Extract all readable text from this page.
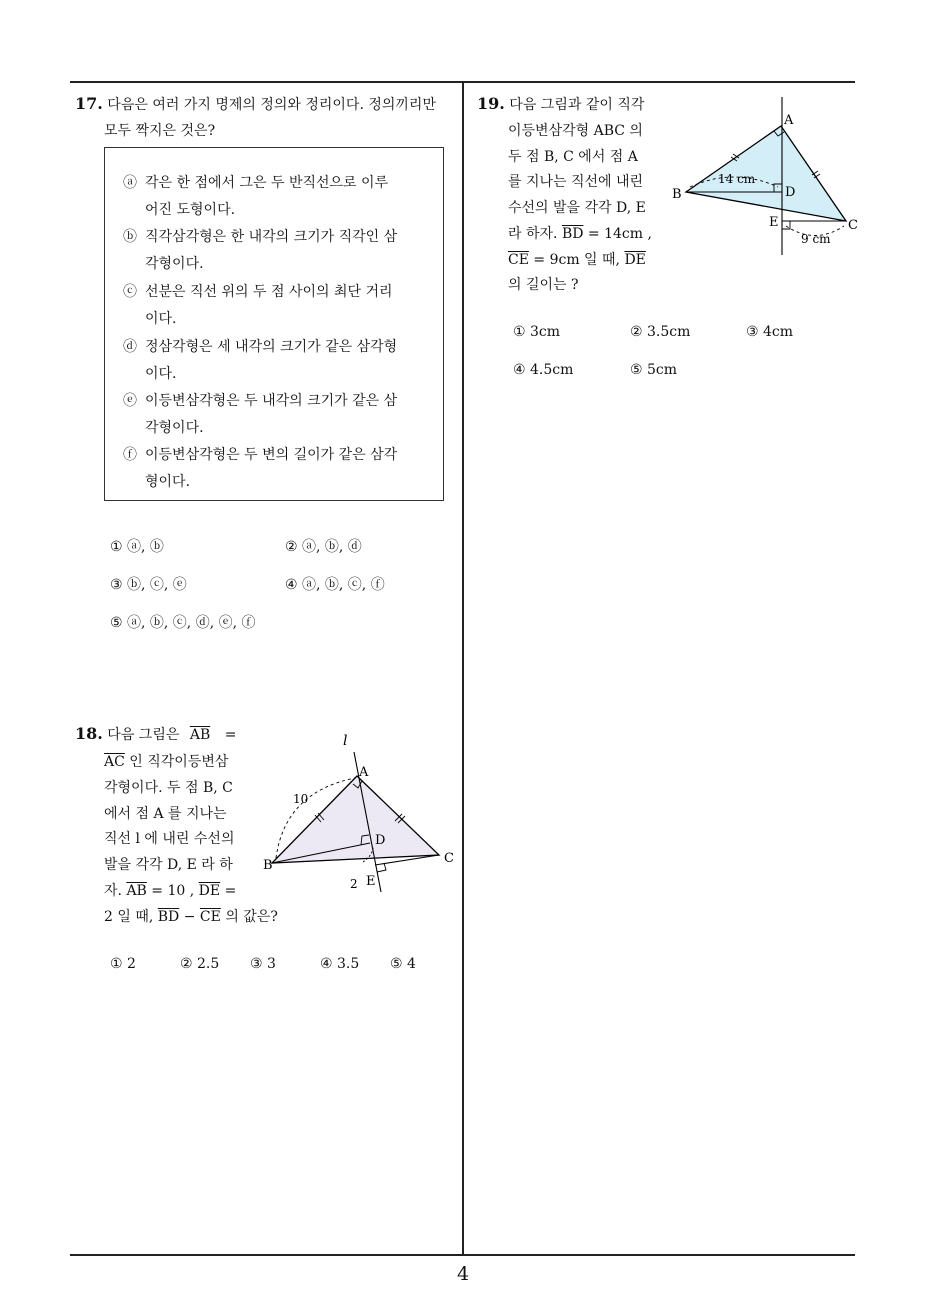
4
17. 다음은 여러 가지 명제의 정의와 정리이다. 정의끼리만
모두 짝지은 것은?
ⓐ 각은 한 점에서 그은 두 반직선으로 이루
어진 도형이다.
ⓑ 직각삼각형은 한 내각의 크기가 직각인 삼
각형이다.
ⓒ 선분은 직선 위의 두 점 사이의 최단 거리
이다.
ⓓ 정삼각형은 세 내각의 크기가 같은 삼각형
이다.
ⓔ 이등변삼각형은 두 내각의 크기가 같은 삼
각형이다.
ⓕ 이등변삼각형은 두 변의 길이가 같은 삼각
형이다.
① ⓐ, ⓑ	② ⓐ, ⓑ, ⓓ
③ ⓑ, ⓒ, ⓔ	④ ⓐ, ⓑ, ⓒ, ⓕ
⑤ ⓐ, ⓑ, ⓒ, ⓓ, ⓔ, ⓕ
18. 다음 그림은 $\overline{AB}$ =
$\overline{AC}$ 인 직각이등변삼
각형이다. 두 점 B, C
에서 점 A 를 지나는
직선 l 에 내린 수선의
발을 각각 D, E 라 하
자. $\overline{AB} = 10$ , $\overline{DE}$ =
2 일 때, $\overline{BD} - \overline{CE}$ 의 값은?
l
A
B	C
D
E
10
2
① 2	② 2.5 ③ 3	④ 3.5 ⑤ 4
19. 다음 그림과 같이 직각
이등변삼각형 ABC 의
두 점 B, C 에서 점 A
를 지나는 직선에 내린
수선의 발을 각각 D, E
라 하자. $\overline{BD} = 14cm$ ,
$\overline{CE} = 9cm$ 일 때, $\overline{DE}$
의 길이는 ?
A
B
C
D
E
14 cm
9 cm
① 3cm	② 3.5cm	③ 4cm
④ 4.5cm	⑤ 5cm
